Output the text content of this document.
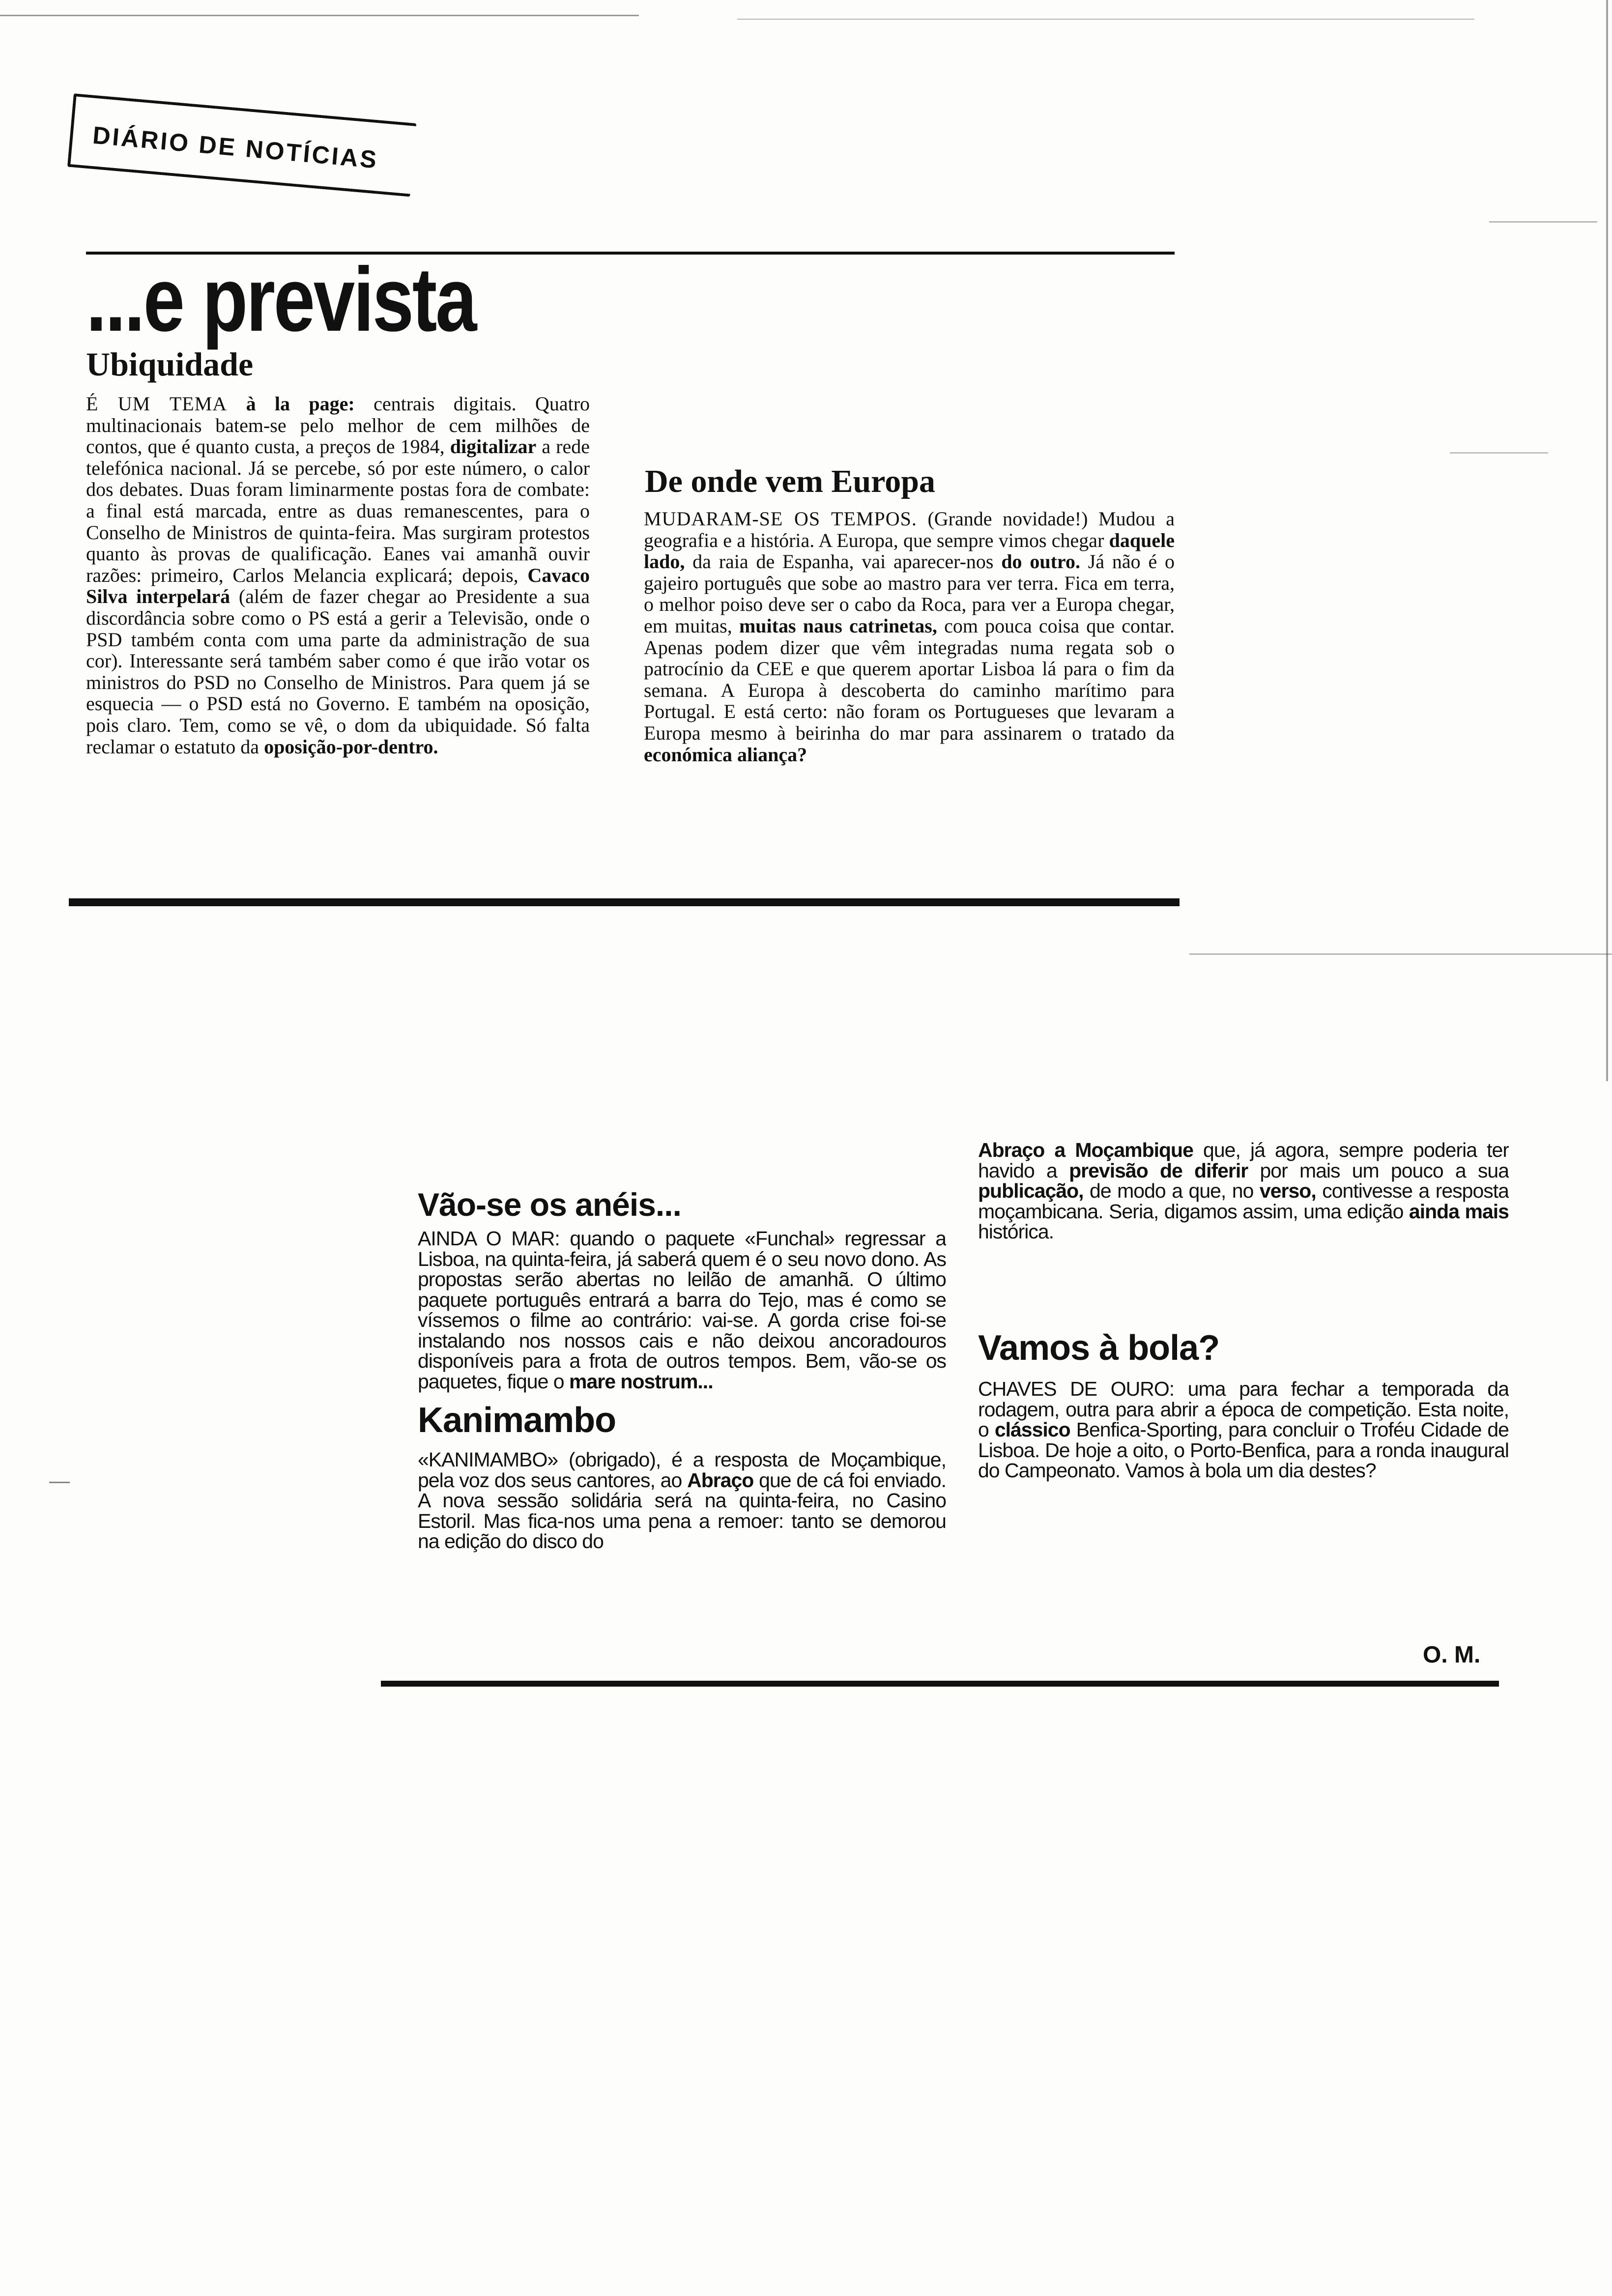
DIÁRIO DE NOTÍCIAS
...e prevista
Ubiquidade

É UM TEMA à la page: centrais digitais. Quatro multinacionais batem-se pelo melhor de cem milhões de contos, que é quanto custa, a preços de 1984, digitalizar a rede telefónica nacional. Já se percebe, só por este número, o calor dos debates. Duas foram liminarmente postas fora de combate: a final está marcada, entre as duas remanescentes, para o Conselho de Ministros de quinta-feira. Mas surgiram protestos quanto às provas de qualificação. Eanes vai amanhã ouvir razões: primeiro, Carlos Melancia explicará; depois, Cavaco Silva interpelará (além de fazer chegar ao Presidente a sua discordância sobre como o PS está a gerir a Televisão, onde o PSD também conta com uma parte da administração de sua cor). Interessante será também saber como é que irão votar os ministros do PSD no Conselho de Ministros. Para quem já se esquecia — o PSD está no Governo. E também na oposição, pois claro. Tem, como se vê, o dom da ubiquidade. Só falta reclamar o estatuto da oposição-por-dentro.

De onde vem Europa

MUDARAM-SE OS TEMPOS. (Grande novidade!) Mudou a geografia e a história. A Europa, que sempre vimos chegar daquele lado, da raia de Espanha, vai aparecer-nos do outro. Já não é o gajeiro português que sobe ao mastro para ver terra. Fica em terra, o melhor poiso deve ser o cabo da Roca, para ver a Europa chegar, em muitas, muitas naus catrinetas, com pouca coisa que contar. Apenas podem dizer que vêm integradas numa regata sob o patrocínio da CEE e que querem aportar Lisboa lá para o fim da semana. A Europa à descoberta do caminho marítimo para Portugal. E está certo: não foram os Portugueses que levaram a Europa mesmo à beirinha do mar para assinarem o tratado da económica aliança?

Vão-se os anéis...

AINDA O MAR: quando o paquete «Funchal» regressar a Lisboa, na quinta-feira, já saberá quem é o seu novo dono. As propostas serão abertas no leilão de amanhã. O último paquete português entrará a barra do Tejo, mas é como se víssemos o filme ao contrário: vai-se. A gorda crise foi-se instalando nos nossos cais e não deixou ancoradouros disponíveis para a frota de outros tempos. Bem, vão-se os paquetes, fique o mare nostrum...

Kanimambo

«KANIMAMBO» (obrigado), é a resposta de Moçambique, pela voz dos seus cantores, ao Abraço que de cá foi enviado. A nova sessão solidária será na quinta-feira, no Casino Estoril. Mas fica-nos uma pena a remoer: tanto se demorou na edição do disco do

Abraço a Moçambique que, já agora, sempre poderia ter havido a previsão de diferir por mais um pouco a sua publicação, de modo a que, no verso, contivesse a resposta moçambicana. Seria, digamos assim, uma edição ainda mais histórica.

Vamos à bola?

CHAVES DE OURO: uma para fechar a temporada da rodagem, outra para abrir a época de competição. Esta noite, o clássico Benfica-Sporting, para concluir o Troféu Cidade de Lisboa. De hoje a oito, o Porto-Benfica, para a ronda inaugural do Campeonato. Vamos à bola um dia destes?

O. M.
